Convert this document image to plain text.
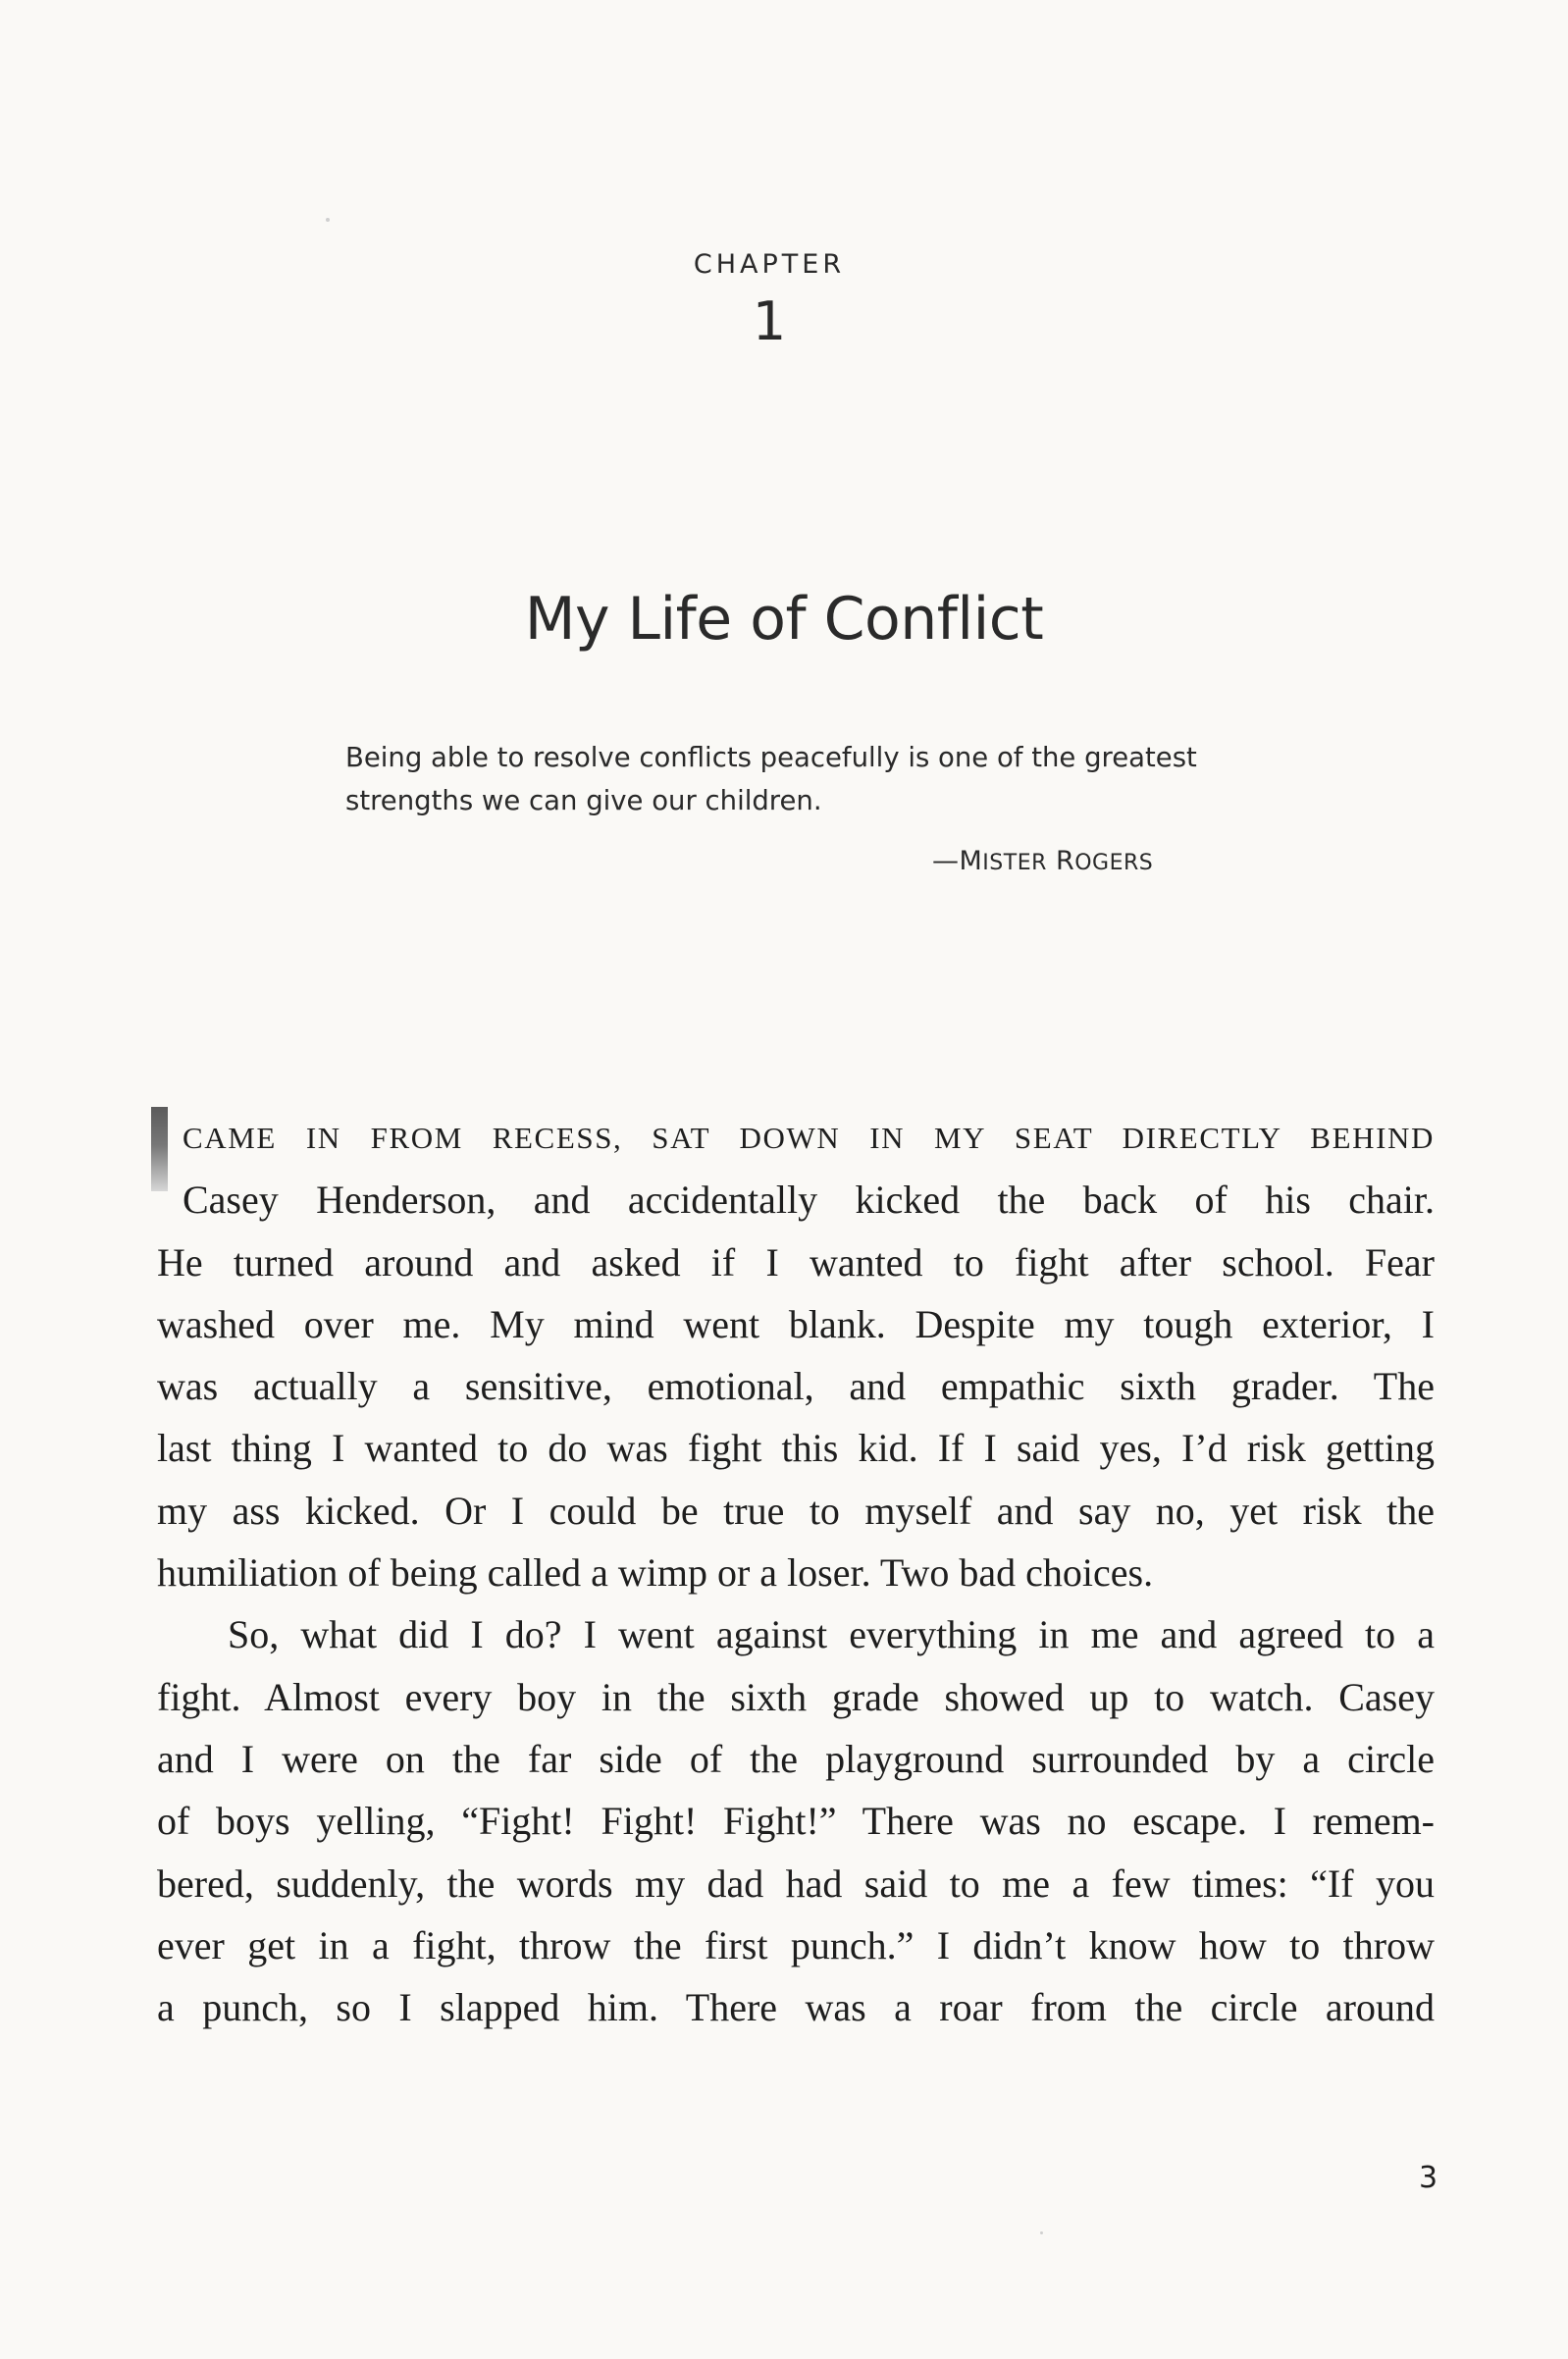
CHAPTER
1
My Life of Conflict

Being able to resolve conflicts peacefully is one of the greatest
strengths we can give our children.

—MISTER ROGERS
CAME IN FROM RECESS, SAT DOWN IN MY SEAT DIRECTLY BEHIND
Casey Henderson, and accidentally kicked the back of his chair.
He turned around and asked if I wanted to fight after school. Fear
washed over me. My mind went blank. Despite my tough exterior, I
was actually a sensitive, emotional, and empathic sixth grader. The
last thing I wanted to do was fight this kid. If I said yes, I’d risk getting
my ass kicked. Or I could be true to myself and say no, yet risk the
humiliation of being called a wimp or a loser. Two bad choices.
So, what did I do? I went against everything in me and agreed to a
fight. Almost every boy in the sixth grade showed up to watch. Casey
and I were on the far side of the playground surrounded by a circle
of boys yelling, “Fight! Fight! Fight!” There was no escape. I remem-
bered, suddenly, the words my dad had said to me a few times: “If you
ever get in a fight, throw the first punch.” I didn’t know how to throw
a punch, so I slapped him. There was a roar from the circle around
3
